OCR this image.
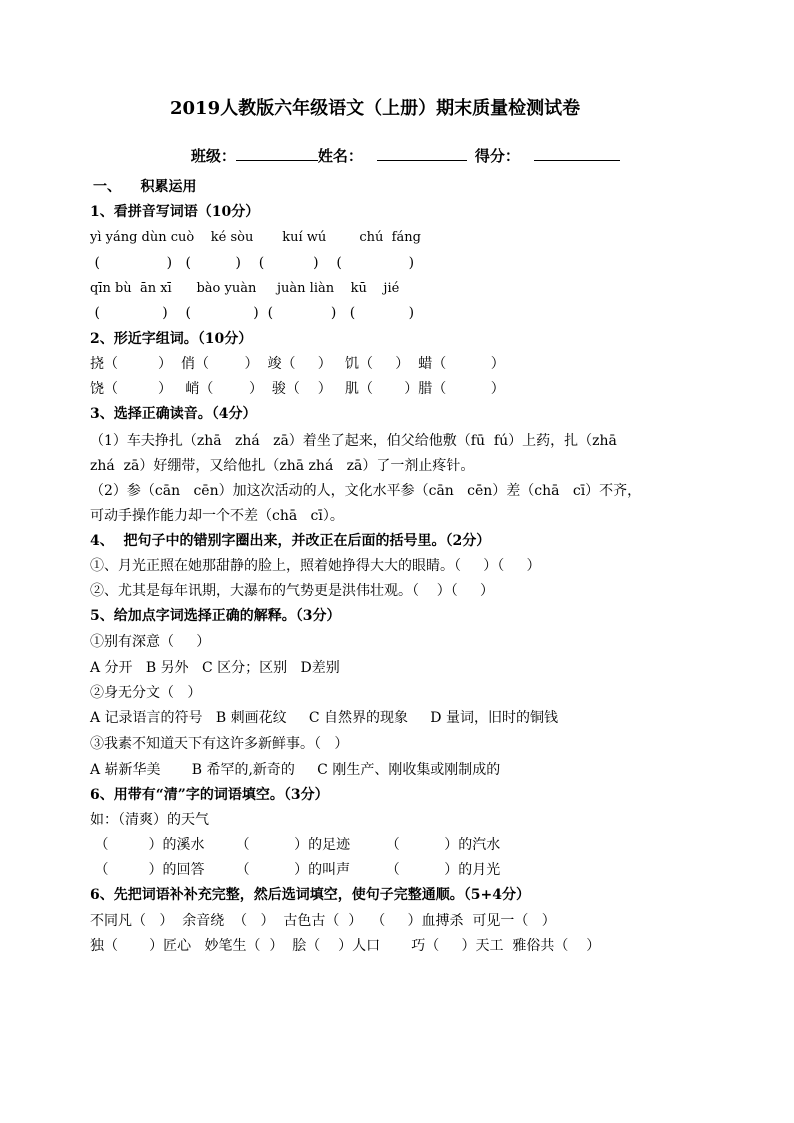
2019人教版六年级语文（上册）期末质量检测试卷

班级：	姓名：	得分：

一、    积累运用
1、看拼音写词语（10分）
yì yáng dùn cuò    ké sòu       kuí wú        chú  fáng
(               )   (          )    (           )    (               )
qīn bù  ān xī      bào yuàn     juàn liàn    kū    jié
(              )    (              )  (             )   (            )
2、形近字组词。（10分）
挠（         ）  俏（        ）  竣（     ）   饥（     ）  蜡（          ）
饶（         ）   峭（        ）  骏（    ）   肌（       ）腊（          ）
3、选择正确读音。（4分）
（1）车夫挣扎（zhā   zhá   zā）着坐了起来，伯父给他敷（fū  fú）上药，扎（zhā
zhá  zā）好绷带，又给他扎（zhā zhá   zā）了一剂止疼针。
（2）参（cān   cēn）加这次活动的人，文化水平参（cān   cēn）差（chā   cī）不齐，
可动手操作能力却一个不差（chā   cī）。
4、  把句子中的错别字圈出来，并改正在后面的括号里。（2分）
①、月光正照在她那甜静的脸上，照着她挣得大大的眼睛。（     ）（     ）
②、尤其是每年讯期，大瀑布的气势更是洪伟壮观。（    ）（     ）
5、给加点字词选择正确的解释。（3分）
①别有深意（     ）
A 分开   B 另外   C 区分；区别   D差别
②身无分文（   ）
A 记录语言的符号   B 刺画花纹     C 自然界的现象     D 量词，旧时的铜钱
③我素不知道天下有这许多新鲜事。（   ）
A 崭新华美       B 希罕的,新奇的     C 刚生产、刚收集或刚制成的
6、用带有“清”字的词语填空。（3分）
如：（清爽）的天气
（         ）的溪水       （          ）的足迹        （          ）的汽水
（         ）的回答       （          ）的叫声        （          ）的月光
6、先把词语补补充完整，然后选词填空，使句子完整通顺。（5+4分）
不同凡（   ）  余音绕  （   ）  古色古（  ）  （     ）血搏杀  可见一（   ）
独（       ）匠心   妙笔生（  ）  脍（    ）人口       巧（     ）天工  雅俗共（    ）
